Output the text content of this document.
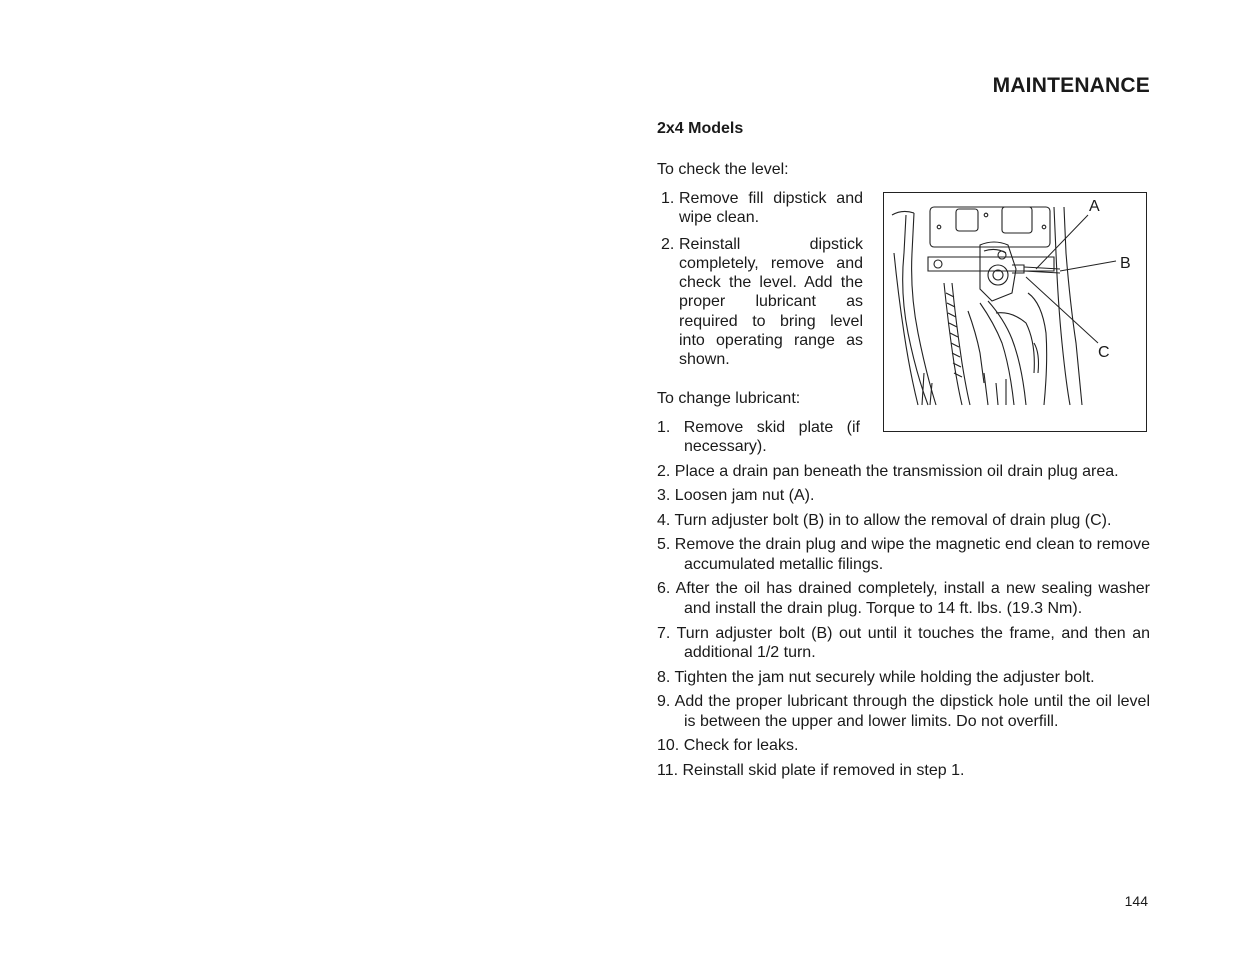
MAINTENANCE
2x4 Models
To check the level:
1. Remove fill dipstick and wipe clean.
2. Reinstall dipstick completely, remove and check the level. Add the proper lubricant as required to bring level into operating range as shown.
To change lubricant:
1. Remove skid plate (if necessary).
2. Place a drain pan beneath the transmission oil drain plug area.
3. Loosen jam nut (A).
4. Turn adjuster bolt (B) in to allow the removal of drain plug (C).
5. Remove the drain plug and wipe the magnetic end clean to remove accumulated metallic filings.
6. After the oil has drained completely, install a new sealing washer and install the drain plug. Torque to 14 ft. lbs. (19.3 Nm).
7. Turn adjuster bolt (B) out until it touches the frame, and then an additional 1/2 turn.
8. Tighten the jam nut securely while holding the adjuster bolt.
9. Add the proper lubricant through the dipstick hole until the oil level is between the upper and lower limits. Do not overfill.
10. Check for leaks.
11. Reinstall skid plate if removed in step 1.
A
B
C
144
